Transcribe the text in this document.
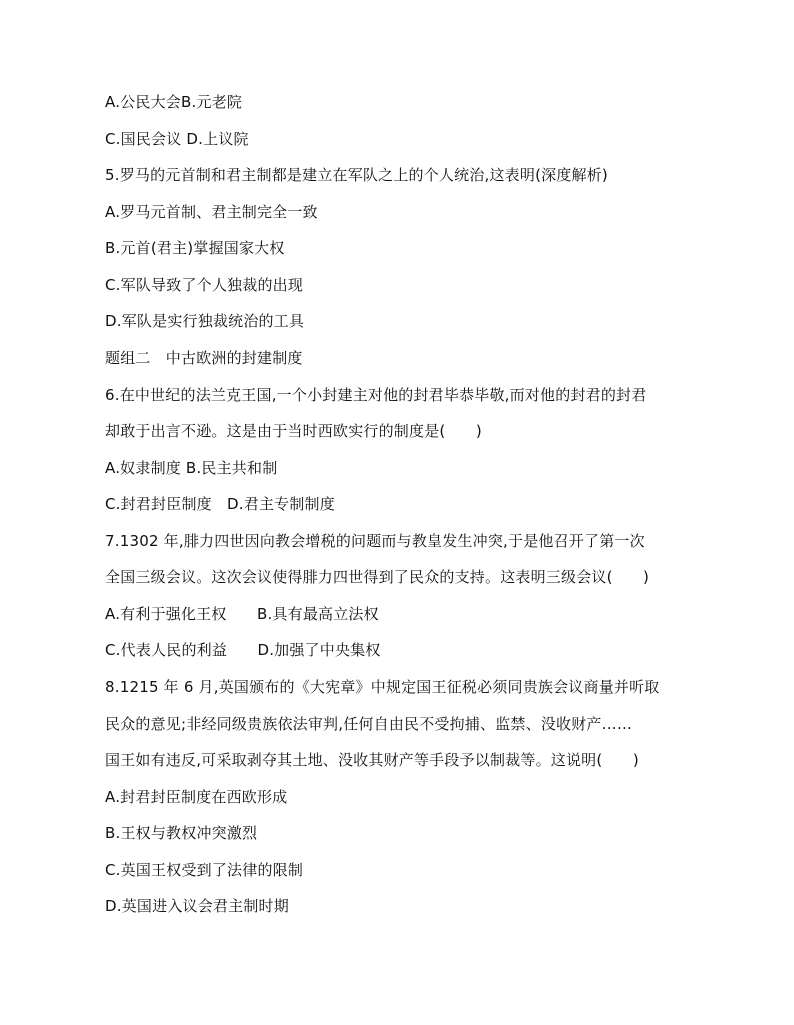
A.公民大会B.元老院
C.国民会议 D.上议院
5.罗马的元首制和君主制都是建立在军队之上的个人统治,这表明(深度解析)
A.罗马元首制、君主制完全一致
B.元首(君主)掌握国家大权
C.军队导致了个人独裁的出现
D.军队是实行独裁统治的工具
题组二　中古欧洲的封建制度
6.在中世纪的法兰克王国,一个小封建主对他的封君毕恭毕敬,而对他的封君的封君
却敢于出言不逊。这是由于当时西欧实行的制度是(　　)
A.奴隶制度 B.民主共和制
C.封君封臣制度　D.君主专制制度
7.1302 年,腓力四世因向教会增税的问题而与教皇发生冲突,于是他召开了第一次
全国三级会议。这次会议使得腓力四世得到了民众的支持。这表明三级会议(　　)
A.有利于强化王权　　B.具有最高立法权
C.代表人民的利益　　D.加强了中央集权
8.1215 年 6 月,英国颁布的《大宪章》中规定国王征税必须同贵族会议商量并听取
民众的意见;非经同级贵族依法审判,任何自由民不受拘捕、监禁、没收财产……
国王如有违反,可采取剥夺其土地、没收其财产等手段予以制裁等。这说明(　　)
A.封君封臣制度在西欧形成
B.王权与教权冲突激烈
C.英国王权受到了法律的限制
D.英国进入议会君主制时期
